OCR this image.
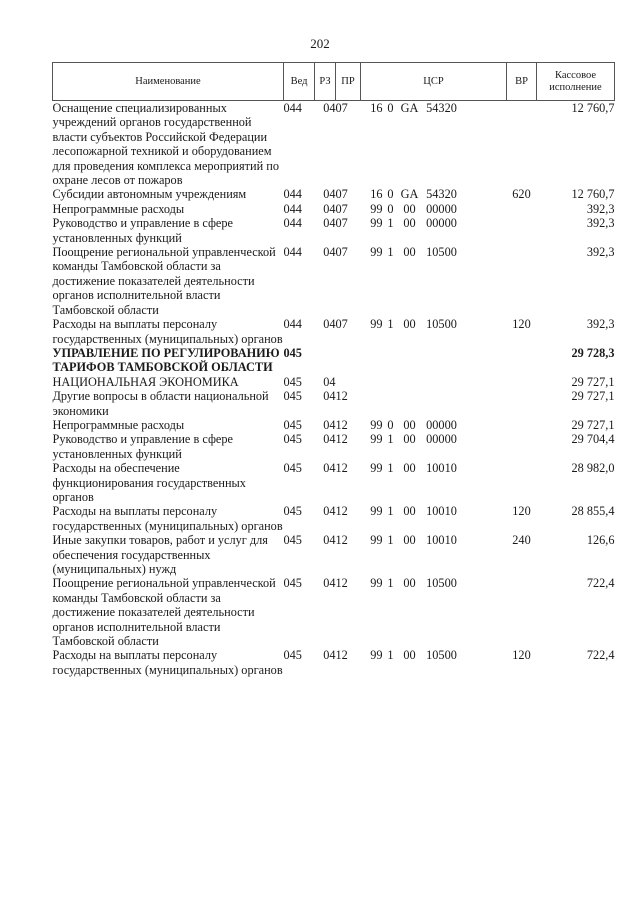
202
Наименование	Вед	РЗ	ПР	ЦСР	ВР	Кассовое исполнение
Оснащение специализированных учреждений органов государственной власти субъектов Российской Федерации лесопожарной техникой и оборудованием для проведения комплекса мероприятий по охране лесов от пожаров	044	04	07	16 0 GA 54320		12 760,7
Субсидии автономным учреждениям	044	04	07	16 0 GA 54320	620	12 760,7
Непрограммные расходы	044	04	07	99 0 00 00000		392,3
Руководство и управление в сфере установленных функций	044	04	07	99 1 00 00000		392,3
Поощрение региональной управленческой команды Тамбовской области за достижение показателей деятельности органов исполнительной власти Тамбовской области	044	04	07	99 1 00 10500		392,3
Расходы на выплаты персоналу государственных (муниципальных) органов	044	04	07	99 1 00 10500	120	392,3
УПРАВЛЕНИЕ ПО РЕГУЛИРОВАНИЮ ТАРИФОВ ТАМБОВСКОЙ ОБЛАСТИ	045					29 728,3
НАЦИОНАЛЬНАЯ ЭКОНОМИКА	045	04				29 727,1
Другие вопросы в области национальной экономики	045	04	12			29 727,1
Непрограммные расходы	045	04	12	99 0 00 00000		29 727,1
Руководство и управление в сфере установленных функций	045	04	12	99 1 00 00000		29 704,4
Расходы на обеспечение функционирования государственных органов	045	04	12	99 1 00 10010		28 982,0
Расходы на выплаты персоналу государственных (муниципальных) органов	045	04	12	99 1 00 10010	120	28 855,4
Иные закупки товаров, работ и услуг для обеспечения государственных (муниципальных) нужд	045	04	12	99 1 00 10010	240	126,6
Поощрение региональной управленческой команды Тамбовской области за достижение показателей деятельности органов исполнительной власти Тамбовской области	045	04	12	99 1 00 10500		722,4
Расходы на выплаты персоналу государственных (муниципальных) органов	045	04	12	99 1 00 10500	120	722,4
